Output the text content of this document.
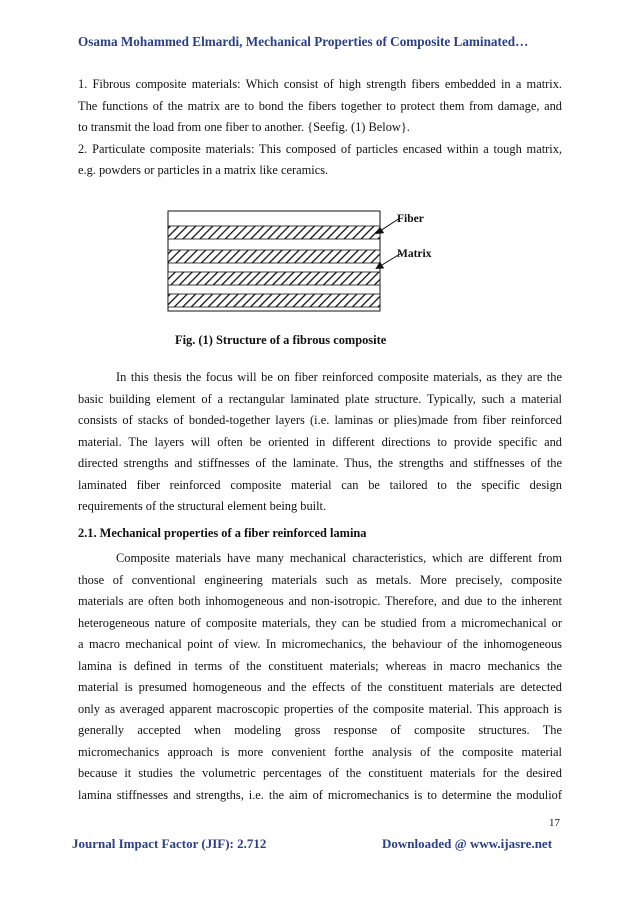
Osama Mohammed Elmardi, Mechanical Properties of Composite Laminated…
1. Fibrous composite materials: Which consist of high strength fibers embedded in a matrix.
The functions of the matrix are to bond the fibers together to protect them from damage, and
to transmit the load from one fiber to another. {Seefig. (1) Below}.
2. Particulate composite materials: This composed of particles encased within a tough matrix,
e.g. powders or particles in a matrix like ceramics.
Fiber
Matrix
Fig. (1) Structure of a fibrous composite
In this thesis the focus will be on fiber reinforced composite materials, as they are the
basic building element of a rectangular laminated plate structure. Typically, such a material
consists of stacks of bonded-together layers (i.e. laminas or plies)made from fiber reinforced
material. The layers will often be oriented in different directions to provide specific and
directed strengths and stiffnesses of the laminate. Thus, the strengths and stiffnesses of the
laminated fiber reinforced composite material can be tailored to the specific design
requirements of the structural element being built.
2.1. Mechanical properties of a fiber reinforced lamina
Composite materials have many mechanical characteristics, which are different from
those of conventional engineering materials such as metals. More precisely, composite
materials are often both inhomogeneous and non-isotropic. Therefore, and due to the inherent
heterogeneous nature of composite materials, they can be studied from a micromechanical or
a macro mechanical point of view. In micromechanics, the behaviour of the inhomogeneous
lamina is defined in terms of the constituent materials; whereas in macro mechanics the
material is presumed homogeneous and the effects of the constituent materials are detected
only as averaged apparent macroscopic properties of the composite material. This approach is
generally accepted when modeling gross response of composite structures. The
micromechanics approach is more convenient forthe analysis of the composite material
because it studies the volumetric percentages of the constituent materials for the desired
lamina stiffnesses and strengths, i.e. the aim of micromechanics is to determine the moduliof
17
Journal Impact Factor (JIF): 2.712	Downloaded @ www.ijasre.net
